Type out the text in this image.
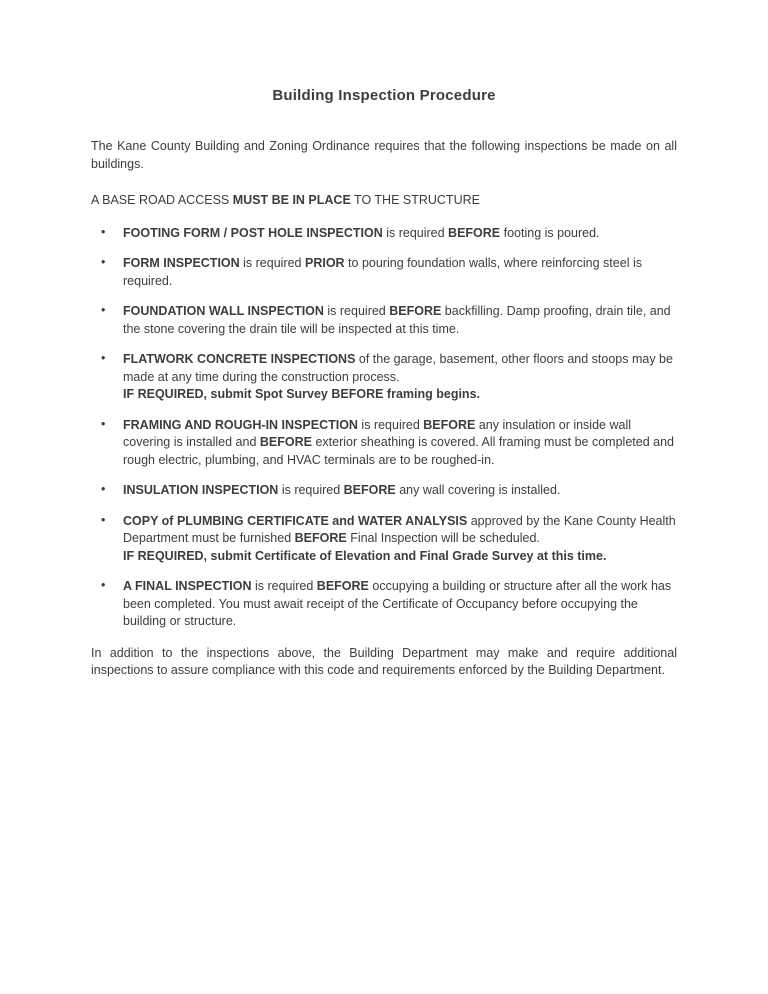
Building Inspection Procedure

The Kane County Building and Zoning Ordinance requires that the following inspections be made on all buildings.

A BASE ROAD ACCESS MUST BE IN PLACE TO THE STRUCTURE

• FOOTING FORM / POST HOLE INSPECTION is required BEFORE footing is poured.
• FORM INSPECTION is required PRIOR to pouring foundation walls, where reinforcing steel is required.
• FOUNDATION WALL INSPECTION is required BEFORE backfilling. Damp proofing, drain tile, and the stone covering the drain tile will be inspected at this time.
• FLATWORK CONCRETE INSPECTIONS of the garage, basement, other floors and stoops may be made at any time during the construction process.
IF REQUIRED, submit Spot Survey BEFORE framing begins.
• FRAMING AND ROUGH-IN INSPECTION is required BEFORE any insulation or inside wall covering is installed and BEFORE exterior sheathing is covered. All framing must be completed and rough electric, plumbing, and HVAC terminals are to be roughed-in.
• INSULATION INSPECTION is required BEFORE any wall covering is installed.
• COPY of PLUMBING CERTIFICATE and WATER ANALYSIS approved by the Kane County Health Department must be furnished BEFORE Final Inspection will be scheduled.
IF REQUIRED, submit Certificate of Elevation and Final Grade Survey at this time.
• A FINAL INSPECTION is required BEFORE occupying a building or structure after all the work has been completed. You must await receipt of the Certificate of Occupancy before occupying the building or structure.

In addition to the inspections above, the Building Department may make and require additional inspections to assure compliance with this code and requirements enforced by the Building Department.
